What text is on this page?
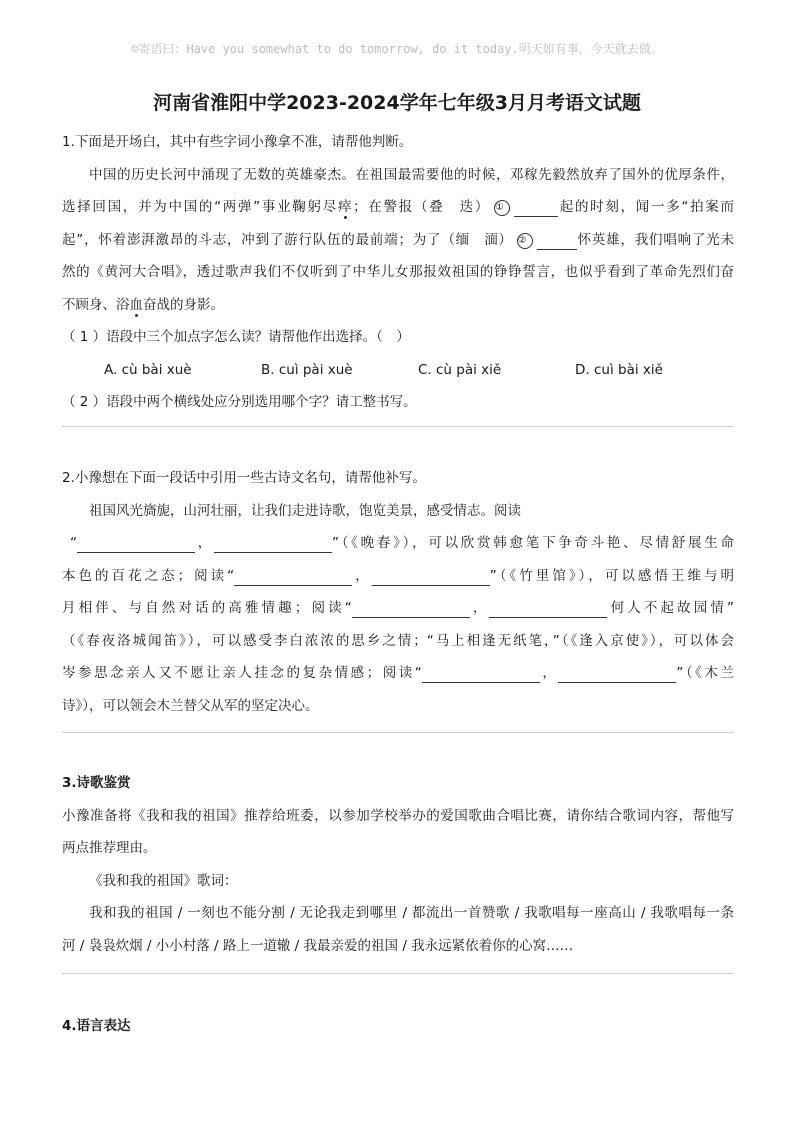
☺寄语曰：Have you somewhat to do tomorrow, do it today.明天如有事，今天就去做。
河南省淮阳中学2023-2024学年七年级3月月考语文试题
1.下面是开场白，其中有些字词小豫拿不准，请帮他判断。
中国的历史长河中涌现了无数的英雄豪杰。在祖国最需要他的时候，邓稼先毅然放弃了国外的优厚条件，
选择回国，并为中国的“两弹”事业鞠躬尽瘁；在警报（叠　迭） ①	起的时刻，闻一多“拍案而
起”，怀着澎湃激昂的斗志，冲到了游行队伍的最前端；为了（缅　湎） ②	怀英雄，我们唱响了光未
然的《黄河大合唱》，透过歌声我们不仅听到了中华儿女那报效祖国的铮铮誓言，也似乎看到了革命先烈们奋
不顾身、浴血奋战的身影。
（ 1 ）语段中三个加点字怎么读？请帮他作出选择。（　）
A. cù bài xuè	B. cuì pài xuè	C. cù pài xiě	D. cuì bài xiě
（ 2 ）语段中两个横线处应分别选用哪个字？请工整书写。
2.小豫想在下面一段话中引用一些古诗文名句，请帮他补写。
祖国风光旖旎，山河壮丽，让我们走进诗歌，饱览美景，感受情志。阅读
“	，	”（《晚春》），可以欣赏韩愈笔下争奇斗艳、尽情舒展生命
本色的百花之态；阅读“	，	”（《竹里馆》），可以感悟王维与明
月相伴、与自然对话的高雅情趣；阅读“	，	何人不起故园情”
（《春夜洛城闻笛》），可以感受李白浓浓的思乡之情；“马上相逢无纸笔，”（《逢入京使》），可以体会
岑参思念亲人又不愿让亲人挂念的复杂情感；阅读“	，	”（《木兰
诗》），可以领会木兰替父从军的坚定决心。
3.诗歌鉴赏
小豫准备将《我和我的祖国》推荐给班委，以参加学校举办的爱国歌曲合唱比赛，请你结合歌词内容，帮他写
两点推荐理由。
《我和我的祖国》歌词：
我和我的祖国 / 一刻也不能分割 / 无论我走到哪里 / 都流出一首赞歌 / 我歌唱每一座高山 / 我歌唱每一条
河 / 袅袅炊烟 / 小小村落 / 路上一道辙 / 我最亲爱的祖国 / 我永远紧依着你的心窝……
4.语言表达
